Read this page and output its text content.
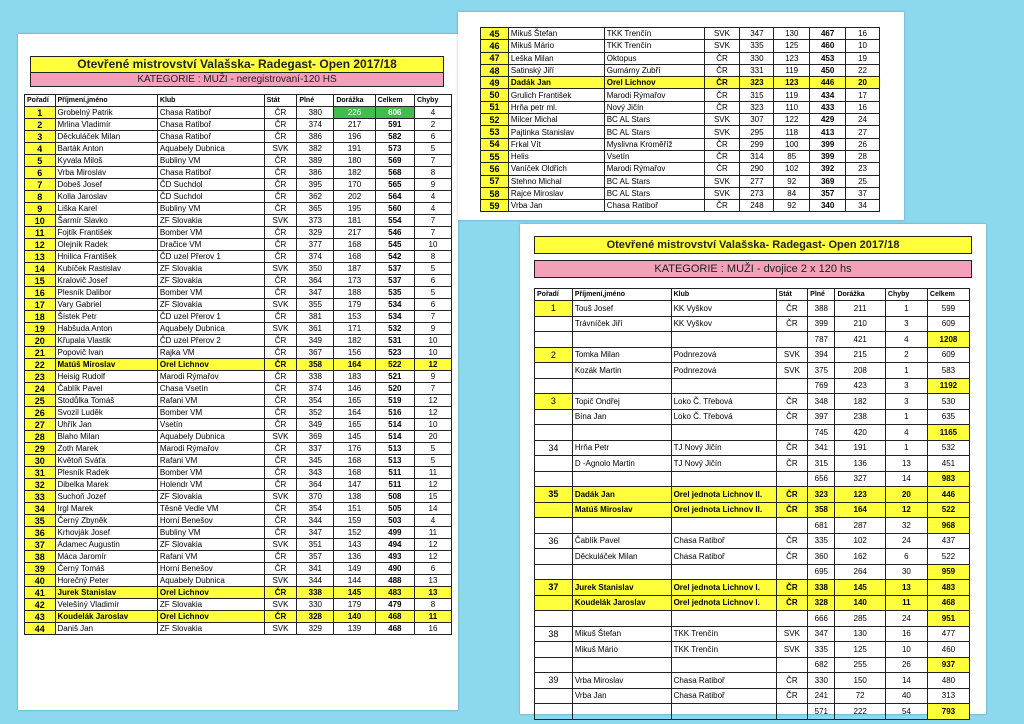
Otevřené mistrovství Valašska- Radegast- Open 2017/18
KATEGORIE : MUŽI - neregistrovaní-120 HS
Pořadí	Příjmení,jméno	Klub	Stát	Plné	Dorážka	Celkem	Chyby
1	Grobelný Patrik	Chasa Ratiboř	ČR	380	226	606	4
2	Mrlina Vladimír	Chasa Ratiboř	ČR	374	217	591	2
3	Děckuláček Milan	Chasa Ratiboř	ČR	386	196	582	6
4	Barták Anton	Aquabely Dubnica	SVK	382	191	573	5
5	Kyvala Miloš	Bubliny VM	ČR	389	180	569	7
6	Vrba Miroslav	Chasa Ratiboř	ČR	386	182	568	8
7	Dobeš Josef	ČD Suchdol	ČR	395	170	565	9
8	Kolla Jaroslav	ČD Suchdol	ČR	362	202	564	4
9	Liška Karel	Bubliny VM	ČR	365	195	560	4
10	Šarmír Slavko	ZF Slovakia	SVK	373	181	554	7
11	Fojtík František	Bomber VM	ČR	329	217	546	7
12	Olejník Radek	Dračice VM	ČR	377	168	545	10
13	Hnilica František	ČD uzel Přerov 1	ČR	374	168	542	8
14	Kubíček Rastislav	ZF Slovakia	SVK	350	187	537	5
15	Kralovič Josef	ZF Slovakia	ČR	364	173	537	6
16	Plesník Dalibor	Bomber VM	ČR	347	188	535	5
17	Vary Gabriel	ZF Slovakia	SVK	355	179	534	6
18	Šístek Petr	ČD uzel Přerov 1	ČR	381	153	534	7
19	Habšuda Anton	Aquabely Dubnica	SVK	361	171	532	9
20	Křupala Vlastik	ČD uzel Přerov 2	ČR	349	182	531	10
21	Popovič Ivan	Rajka VM	ČR	367	156	523	10
22	Matúš Miroslav	Orel Lichnov	ČR	358	164	522	12
23	Heisig Rudolf	Marodi Rýmařov	ČR	338	183	521	9
24	Čablík Pavel	Chasa Vsetín	ČR	374	146	520	7
25	Stodůlka Tomáš	Rafani VM	ČR	354	165	519	12
26	Svozil Luděk	Bomber VM	ČR	352	164	516	12
27	Uhřík Jan	Vsetín	ČR	349	165	514	10
28	Blaho Milan	Aquabely Dubnica	SVK	369	145	514	20
29	Zoth Marek	Marodi Rýmařov	ČR	337	176	513	5
30	Květoň Sváťa	Rafani VM	ČR	345	168	513	5
31	Plesník Radek	Bomber VM	ČR	343	168	511	11
32	Dibelka Marek	Holendr VM	ČR	364	147	511	12
33	Suchoň Jozef	ZF Slovakia	SVK	370	138	508	15
34	Irgl Marek	Těsně Vedle VM	ČR	354	151	505	14
35	Černý Zbyněk	Horní Benešov	ČR	344	159	503	4
36	Krhovják Josef	Bubliny VM	ČR	347	152	499	11
37	Adamec Augustin	ZF Slovakia	SVK	351	143	494	12
38	Máca Jaromír	Rafani VM	ČR	357	136	493	12
39	Černý Tomáš	Horní Benešov	ČR	341	149	490	6
40	Horečný Peter	Aquabely Dubnica	SVK	344	144	488	13
41	Jurek Stanislav	Orel Lichnov	ČR	338	145	483	13
42	Velešíný Vladimír	ZF Slovakia	SVK	330	179	479	8
43	Koudelák Jaroslav	Orel Lichnov	ČR	328	140	468	11
44	Daniš Jan	ZF Slovakia	SVK	329	139	468	16
45	Mikuš Štefan	TKK Trenčín	SVK	347	130	467	16
46	Mikuš Mário	TKK Trenčín	SVK	335	125	460	10
47	Leška Milan	Oktopus	ČR	330	123	453	19
48	Satinský Jiří	Gumárny Zubří	ČR	331	119	450	22
49	Dadák Jan	Orel Lichnov	ČR	323	123	446	20
50	Grulich František	Marodi Rýmařov	ČR	315	119	434	17
51	Hrňa petr ml.	Nový Jičín	ČR	323	110	433	16
52	Milcer Michal	BC AL Stars	SVK	307	122	429	24
53	Pajtinka Stanislav	BC AL Stars	SVK	295	118	413	27
54	Frkal Vít	Myslivna Kroměříž	ČR	299	100	399	26
55	Helis	Vsetín	ČR	314	85	399	28
56	Vaníček Oldřich	Marodi Rýmařov	ČR	290	102	392	23
57	Stehno Michal	BC AL Stars	SVK	277	92	369	25
58	Rajce Miroslav	BC AL Stars	SVK	273	84	357	37
59	Vrba Jan	Chasa Ratiboř	ČR	248	92	340	34
Otevřené mistrovství Valašska- Radegast- Open 2017/18
KATEGORIE : MUŽI - dvojice 2 x 120 hs
Pořadí	Příjmení,jméno	Klub	Stát	Plné	Dorážka	Chyby	Celkem
1	Touš Josef	KK Vyškov	ČR	388	211	1	599
	Trávníček Jiří	KK Vyškov	ČR	399	210	3	609
				787	421	4	1208
2	Tomka Milan	Podnrezová	SVK	394	215	2	609
	Kozák Martin	Podnrezová	SVK	375	208	1	583
				769	423	3	1192
3	Topič Ondřej	Loko Č. Třebová	ČR	348	182	3	530
	Bína Jan	Loko Č. Třebová	ČR	397	238	1	635
				745	420	4	1165
34	Hrňa Petr	TJ Nový Jičín	ČR	341	191	1	532
	D -Agnolo Martin	TJ Nový Jičín	ČR	315	136	13	451
				656	327	14	983
35	Dadák Jan	Orel jednota Lichnov II.	ČR	323	123	20	446
	Matúš Miroslav	Orel jednota Lichnov II.	ČR	358	164	12	522
				681	287	32	968
36	Čablík Pavel	Chasa Ratiboř	ČR	335	102	24	437
	Děckuláček Milan	Chasa Ratiboř	ČR	360	162	6	522
				695	264	30	959
37	Jurek Stanislav	Orel jednota Lichnov I.	ČR	338	145	13	483
	Koudelák Jaroslav	Orel jednota Lichnov I.	ČR	328	140	11	468
				666	285	24	951
38	Mikuš Štefan	TKK Trenčín	SVK	347	130	16	477
	Mikuš Mário	TKK Trenčín	SVK	335	125	10	460
				682	255	26	937
39	Vrba Miroslav	Chasa Ratiboř	ČR	330	150	14	480
	Vrba Jan	Chasa Ratiboř	ČR	241	72	40	313
				571	222	54	793
